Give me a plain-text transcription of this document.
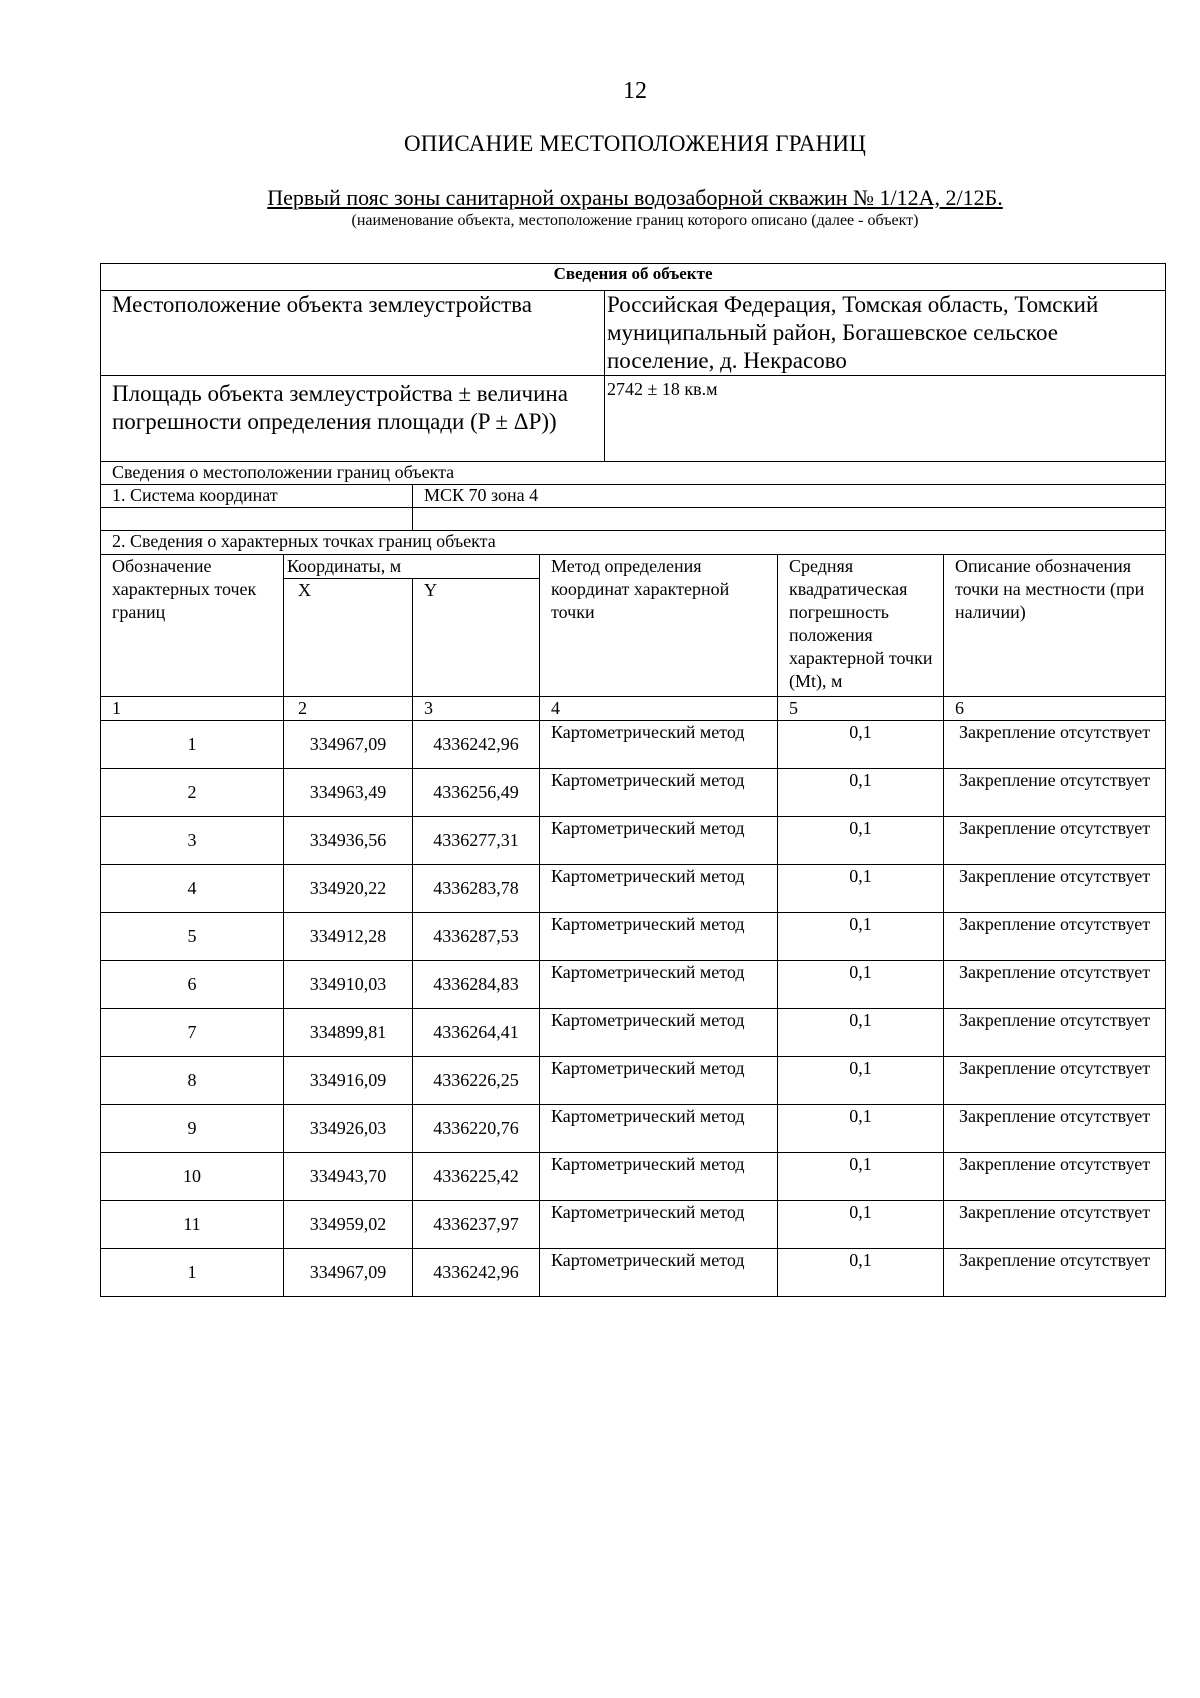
12
ОПИСАНИЕ МЕСТОПОЛОЖЕНИЯ ГРАНИЦ
Первый пояс зоны санитарной охраны водозаборной скважин № 1/12А, 2/12Б.
(наименование объекта, местоположение границ которого описано (далее - объект)
Сведения об объекте						
Местоположение объекта землеустройства				Российская Федерация, Томская область, Томский муниципальный район, Богашевское сельское поселение, д. Некрасово		
Площадь объекта землеустройства ± величина погрешности определения площади (P ± ΔP))				2742 ± 18 кв.м		
Сведения о местоположении границ объекта						
1. Система координат		МСК 70 зона 4				

2. Сведения о характерных точках границ объекта						
Обозначение характерных точек границ	Координаты, м		Метод определения координат характерной точки		Средняя квадратическая погрешность положения характерной точки (Mt), м	Описание обозначения точки на местности (при наличии)
	X	Y				
1	2	3	4		5	6
1	334967,09	4336242,96	Картометрический метод		0,1	Закрепление отсутствует
2	334963,49	4336256,49	Картометрический метод		0,1	Закрепление отсутствует
3	334936,56	4336277,31	Картометрический метод		0,1	Закрепление отсутствует
4	334920,22	4336283,78	Картометрический метод		0,1	Закрепление отсутствует
5	334912,28	4336287,53	Картометрический метод		0,1	Закрепление отсутствует
6	334910,03	4336284,83	Картометрический метод		0,1	Закрепление отсутствует
7	334899,81	4336264,41	Картометрический метод		0,1	Закрепление отсутствует
8	334916,09	4336226,25	Картометрический метод		0,1	Закрепление отсутствует
9	334926,03	4336220,76	Картометрический метод		0,1	Закрепление отсутствует
10	334943,70	4336225,42	Картометрический метод		0,1	Закрепление отсутствует
11	334959,02	4336237,97	Картометрический метод		0,1	Закрепление отсутствует
1	334967,09	4336242,96	Картометрический метод		0,1	Закрепление отсутствует
